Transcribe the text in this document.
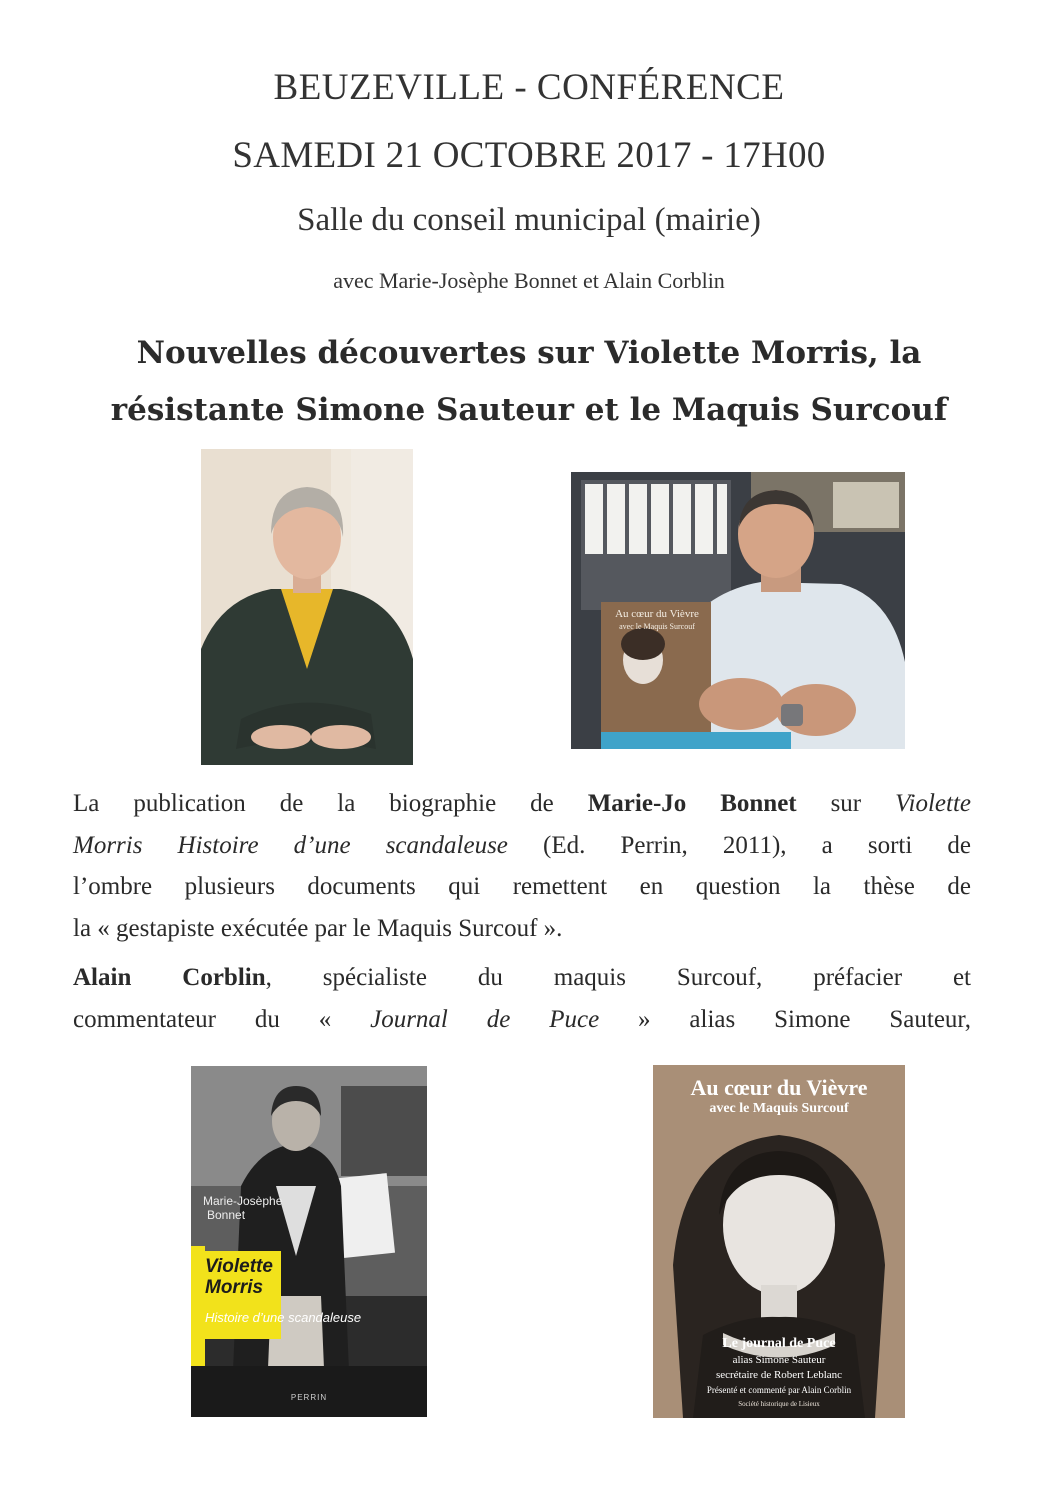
BEUZEVILLE - CONFÉRENCE
SAMEDI 21 OCTOBRE 2017 - 17H00
Salle du conseil municipal (mairie)
avec Marie-Josèphe Bonnet et Alain Corblin
Nouvelles découvertes sur Violette Morris, la
résistante Simone Sauteur et le Maquis Surcouf
Au cœur du Vièvre
avec le Maquis Surcouf
La publication de la biographie de Marie-Jo Bonnet sur Violette
Morris Histoire d’une scandaleuse (Ed. Perrin, 2011), a sorti de
l’ombre plusieurs documents qui remettent en question la thèse de
la « gestapiste exécutée par le Maquis Surcouf ».
Alain Corblin, spécialiste du maquis Surcouf, préfacier et
commentateur du « Journal de Puce » alias Simone Sauteur,
Marie-Josèphe
Bonnet
Violette
Morris
Histoire d’une scandaleuse
PERRIN
Au cœur du Vièvre
avec le Maquis Surcouf
Le journal de Puce
alias Simone Sauteur
secrétaire de Robert Leblanc
Présenté et commenté par Alain Corblin
Société historique de Lisieux
